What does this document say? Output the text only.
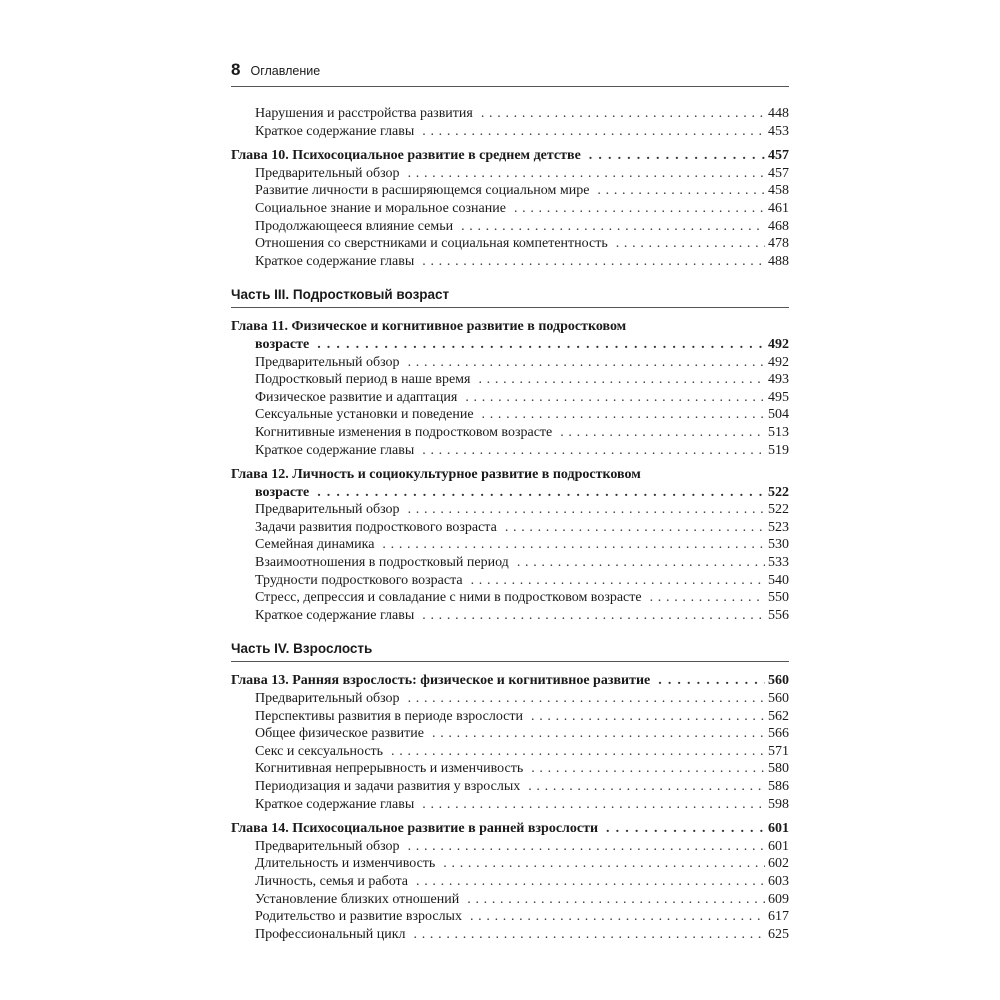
8 Оглавление
Нарушения и расстройства развития . . .	448
Краткое содержание главы . . .	453
Глава 10. Психосоциальное развитие в среднем детстве . . .	457
Предварительный обзор . . .	457
Развитие личности в расширяющемся социальном мире . . .	458
Социальное знание и моральное сознание . . .	461
Продолжающееся влияние семьи . . .	468
Отношения со сверстниками и социальная компетентность . . .	478
Краткое содержание главы . . .	488
Часть III. Подростковый возраст
Глава 11. Физическое и когнитивное развитие в подростковом
возрасте . . .	492
Предварительный обзор . . .	492
Подростковый период в наше время . . .	493
Физическое развитие и адаптация . . .	495
Сексуальные установки и поведение . . .	504
Когнитивные изменения в подростковом возрасте . . .	513
Краткое содержание главы . . .	519
Глава 12. Личность и социокультурное развитие в подростковом
возрасте . . .	522
Предварительный обзор . . .	522
Задачи развития подросткового возраста . . .	523
Семейная динамика . . .	530
Взаимоотношения в подростковый период . . .	533
Трудности подросткового возраста . . .	540
Стресс, депрессия и совладание с ними в подростковом возрасте . . .	550
Краткое содержание главы . . .	556
Часть IV. Взрослость
Глава 13. Ранняя взрослость: физическое и когнитивное развитие . . .	560
Предварительный обзор . . .	560
Перспективы развития в периоде взрослости . . .	562
Общее физическое развитие . . .	566
Секс и сексуальность . . .	571
Когнитивная непрерывность и изменчивость . . .	580
Периодизация и задачи развития у взрослых . . .	586
Краткое содержание главы . . .	598
Глава 14. Психосоциальное развитие в ранней взрослости . . .	601
Предварительный обзор . . .	601
Длительность и изменчивость . . .	602
Личность, семья и работа . . .	603
Установление близких отношений . . .	609
Родительство и развитие взрослых . . .	617
Профессиональный цикл . . .	625
